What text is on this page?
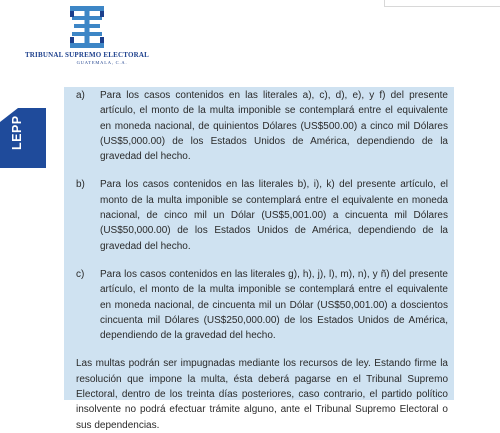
TRIBUNAL SUPREMO ELECTORAL
GUATEMALA, C.A.
LEPP
a)	Para los casos contenidos en las literales a), c), d), e), y f) del presente artículo, el monto de la multa imponible se contemplará entre el equivalente en moneda nacional, de quinientos Dólares (US$500.00) a cinco mil Dólares (US$5,000.00) de los Estados Unidos de América, dependiendo de la gravedad del hecho.
b)	Para los casos contenidos en las literales b), i), k) del presente artículo, el monto de la multa imponible se contemplará entre el equivalente en moneda nacional, de cinco mil un Dólar (US$5,001.00) a cincuenta mil Dólares (US$50,000.00) de los Estados Unidos de América, dependiendo de la gravedad del hecho.
c)	Para los casos contenidos en las literales g), h), j), l), m), n), y ñ) del presente artículo, el monto de la multa imponible se contemplará entre el equivalente en moneda nacional, de cincuenta mil un Dólar (US$50,001.00) a doscientos cincuenta mil Dólares (US$250,000.00) de los Estados Unidos de América, dependiendo de la gravedad del hecho.

Las multas podrán ser impugnadas mediante los recursos de ley. Estando firme la resolución que impone la multa, ésta deberá pagarse en el Tribunal Supremo Electoral, dentro de los treinta días posteriores, caso contrario, el partido político insolvente no podrá efectuar trámite alguno, ante el Tribunal Supremo Electoral o sus dependencias.
